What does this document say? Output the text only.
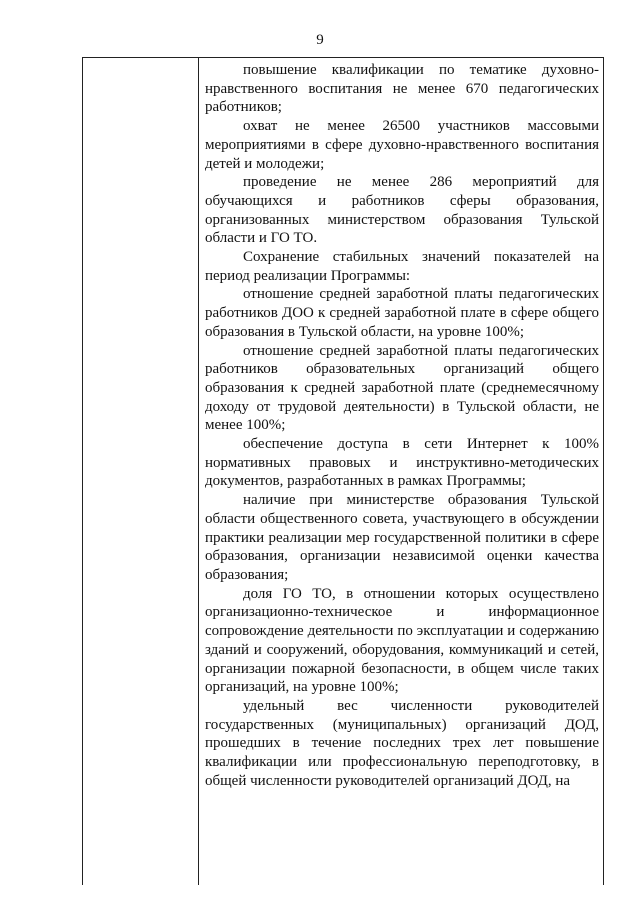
9

повышение квалификации по тематике духовно-нравственного воспитания не менее 670 педагогических работников;

охват не менее 26500 участников массовыми мероприятиями в сфере духовно-нравственного воспитания детей и молодежи;

проведение не менее 286 мероприятий для обучающихся и работников сферы образования, организованных министерством образования Тульской области и ГО ТО.

Сохранение стабильных значений показателей на период реализации Программы:

отношение средней заработной платы педагогических работников ДОО к средней заработной плате в сфере общего образования в Тульской области, на уровне 100%;

отношение средней заработной платы педагогических работников образовательных организаций общего образования к средней заработной плате (среднемесячному доходу от трудовой деятельности) в Тульской области, не менее 100%;

обеспечение доступа в сети Интернет к 100% нормативных правовых и инструктивно-методических документов, разработанных в рамках Программы;

наличие при министерстве образования Тульской области общественного совета, участвующего в обсуждении практики реализации мер государственной политики в сфере образования, организации независимой оценки качества образования;

доля ГО ТО, в отношении которых осуществлено организационно-техническое и информационное сопровождение деятельности по эксплуатации и содержанию зданий и сооружений, оборудования, коммуникаций и сетей, организации пожарной безопасности, в общем числе таких организаций, на уровне 100%;

удельный вес численности руководителей государственных (муниципальных) организаций ДОД, прошедших в течение последних трех лет повышение квалификации или профессиональную переподготовку, в общей численности руководителей организаций ДОД, на
